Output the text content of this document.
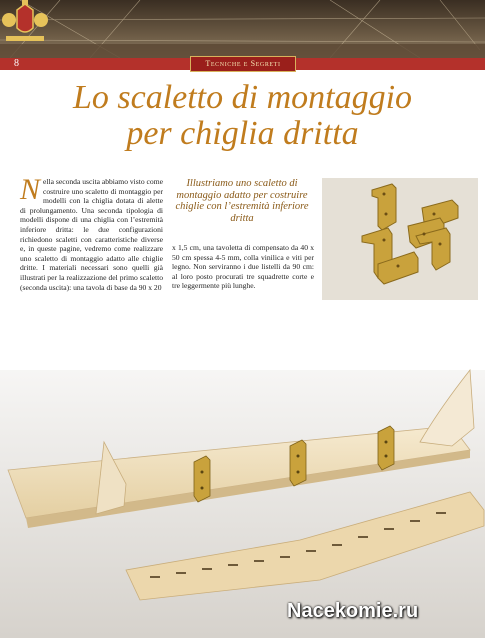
8	Tecniche e Segreti
Lo scaletto di montaggio
per chiglia dritta
Nella seconda uscita abbiamo visto come costruire uno scaletto di montaggio per modelli con la chiglia dotata di alette di prolungamento. Una seconda tipologia di modelli dispone di una chiglia con l’estremità inferiore dritta: le due configurazioni richiedono scaletti con caratteristiche diverse e, in queste pagine, vedremo come realizzare uno scaletto di montaggio adatto alle chiglie dritte. I materiali necessari sono quelli già illustrati per la realizzazione del primo scaletto (seconda uscita): una tavola di base da 90 x 20
Illustriamo uno scaletto di montaggio adatto per costruire chiglie con l’estremità inferiore dritta
x 1,5 cm, una tavoletta di compensato da 40 x 50 cm spessa 4-5 mm, colla vinilica e viti per legno. Non serviranno i due listelli da 90 cm: al loro posto procurati tre squadrette corte e tre leggermente più lunghe.
Nacekomie.ru
